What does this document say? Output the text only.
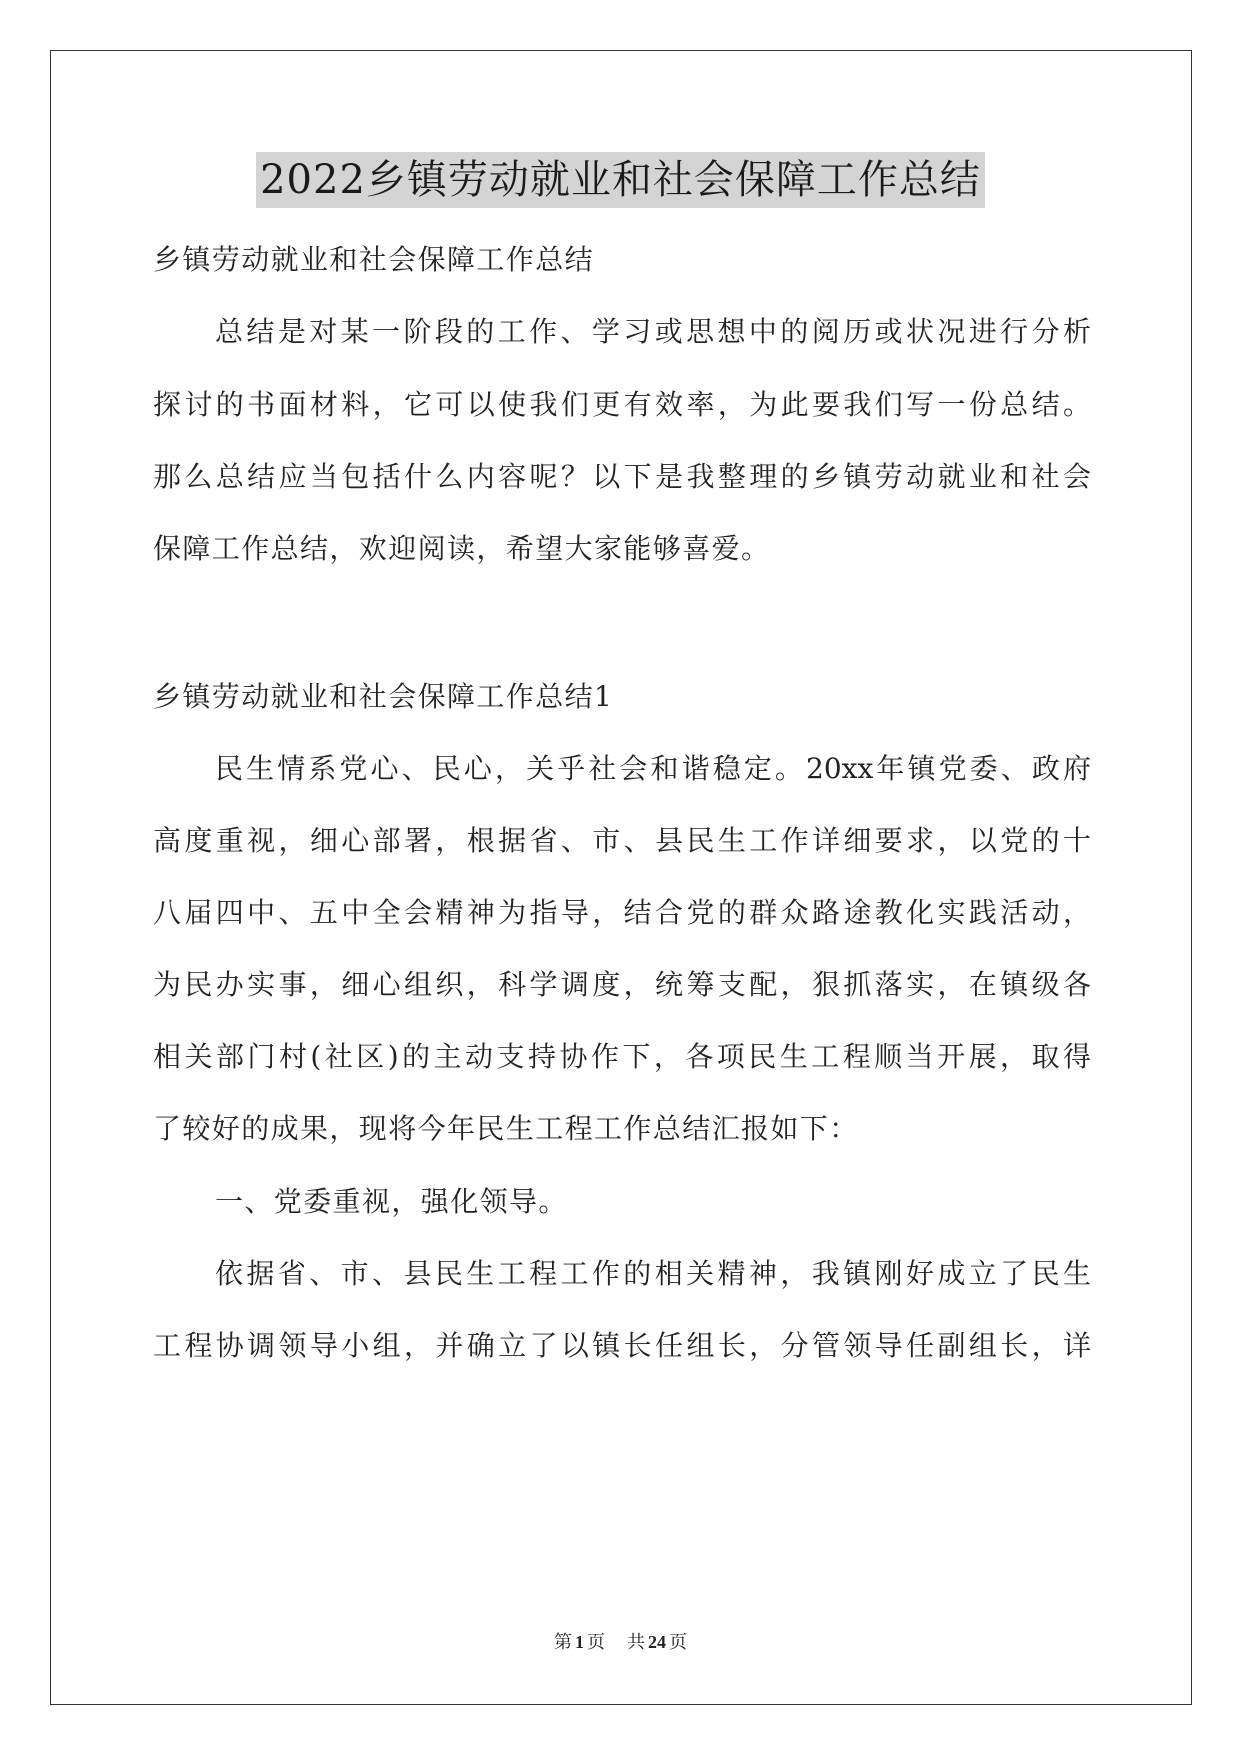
2022乡镇劳动就业和社会保障工作总结
乡镇劳动就业和社会保障工作总结
总结是对某一阶段的工作、学习或思想中的阅历或状况进行分析
探讨的书面材料，它可以使我们更有效率，为此要我们写一份总结。
那么总结应当包括什么内容呢？以下是我整理的乡镇劳动就业和社会
保障工作总结，欢迎阅读，希望大家能够喜爱。
乡镇劳动就业和社会保障工作总结1
民生情系党心、民心，关乎社会和谐稳定。20xx年镇党委、政府
高度重视，细心部署，根据省、市、县民生工作详细要求，以党的十
八届四中、五中全会精神为指导，结合党的群众路途教化实践活动，
为民办实事，细心组织，科学调度，统筹支配，狠抓落实，在镇级各
相关部门村(社区)的主动支持协作下，各项民生工程顺当开展，取得
了较好的成果，现将今年民生工程工作总结汇报如下：
一、党委重视，强化领导。
依据省、市、县民生工程工作的相关精神，我镇刚好成立了民生
工程协调领导小组，并确立了以镇长任组长，分管领导任副组长，详
第 1 页 共 24 页
